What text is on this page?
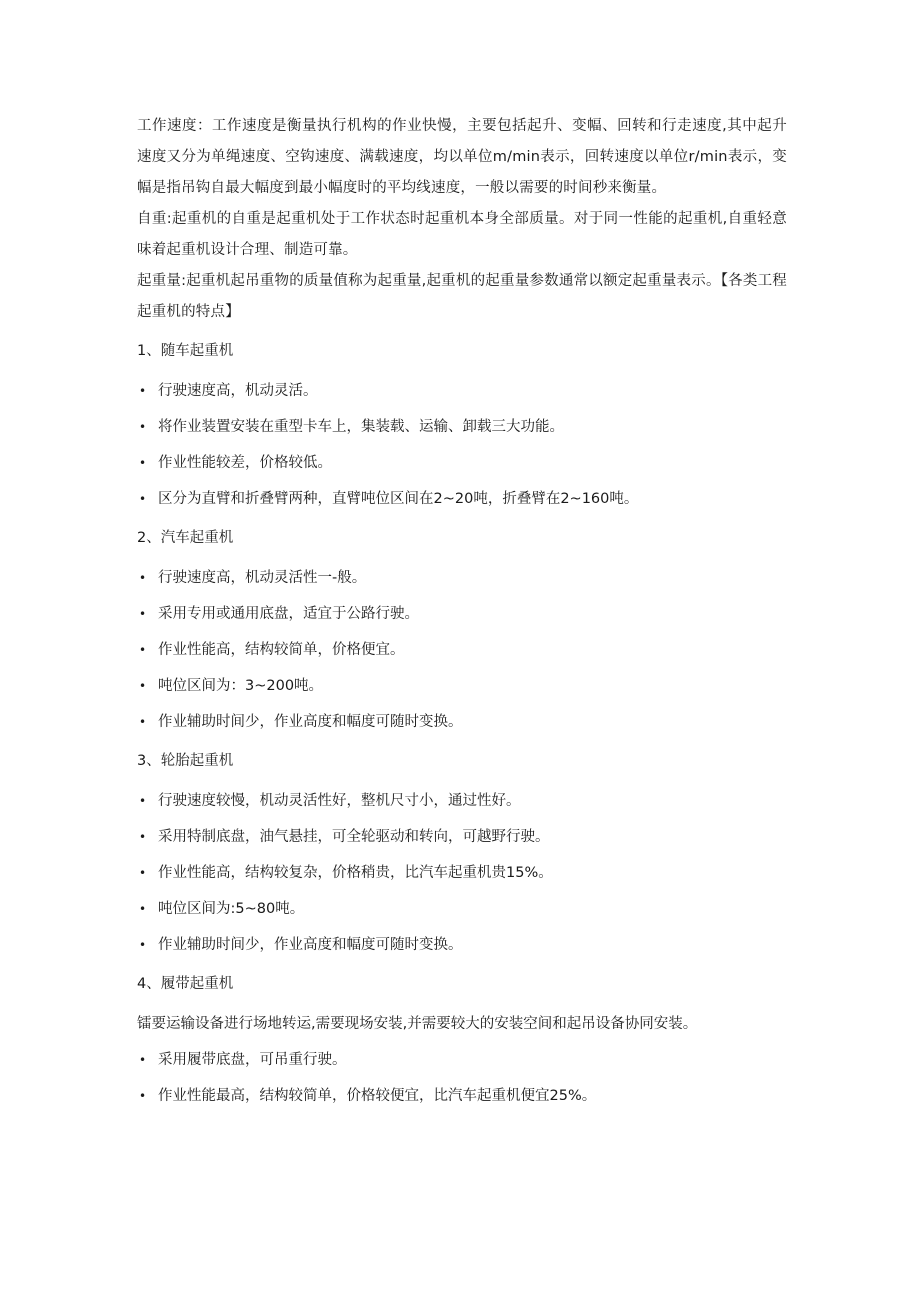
工作速度：工作速度是衡量执行机构的作业快慢，主要包括起升、变幅、回转和行走速度,其中起升速度又分为单绳速度、空钩速度、满载速度，均以单位m/min表示，回转速度以单位r/min表示，变幅是指吊钩自最大幅度到最小幅度时的平均线速度，一般以需要的时间秒来衡量。

自重:起重机的自重是起重机处于工作状态时起重机本身全部质量。对于同一性能的起重机,自重轻意味着起重机设计合理、制造可靠。

起重量:起重机起吊重物的质量值称为起重量,起重机的起重量参数通常以额定起重量表示。【各类工程起重机的特点】

1、随车起重机

• 行驶速度高，机动灵活。
• 将作业装置安装在重型卡车上，集装载、运输、卸载三大功能。
• 作业性能较差，价格较低。
• 区分为直臂和折叠臂两种，直臂吨位区间在2~20吨，折叠臂在2~160吨。

2、汽车起重机

• 行驶速度高，机动灵活性一-般。
• 采用专用或通用底盘，适宜于公路行驶。
• 作业性能高，结构较简单，价格便宜。
• 吨位区间为：3~200吨。
• 作业辅助时间少，作业高度和幅度可随时变换。

3、轮胎起重机

• 行驶速度较慢，机动灵活性好，整机尺寸小，通过性好。
• 采用特制底盘，油气悬挂，可全轮驱动和转向，可越野行驶。
• 作业性能高，结构较复杂，价格稍贵，比汽车起重机贵15%。
• 吨位区间为:5~80吨。
• 作业辅助时间少，作业高度和幅度可随时变换。

4、履带起重机

镭要运输设备进行场地转运,需要现场安装,并需要较大的安装空间和起吊设备协同安装。

• 采用履带底盘，可吊重行驶。
• 作业性能最高，结构较简单，价格较便宜，比汽车起重机便宜25%。
